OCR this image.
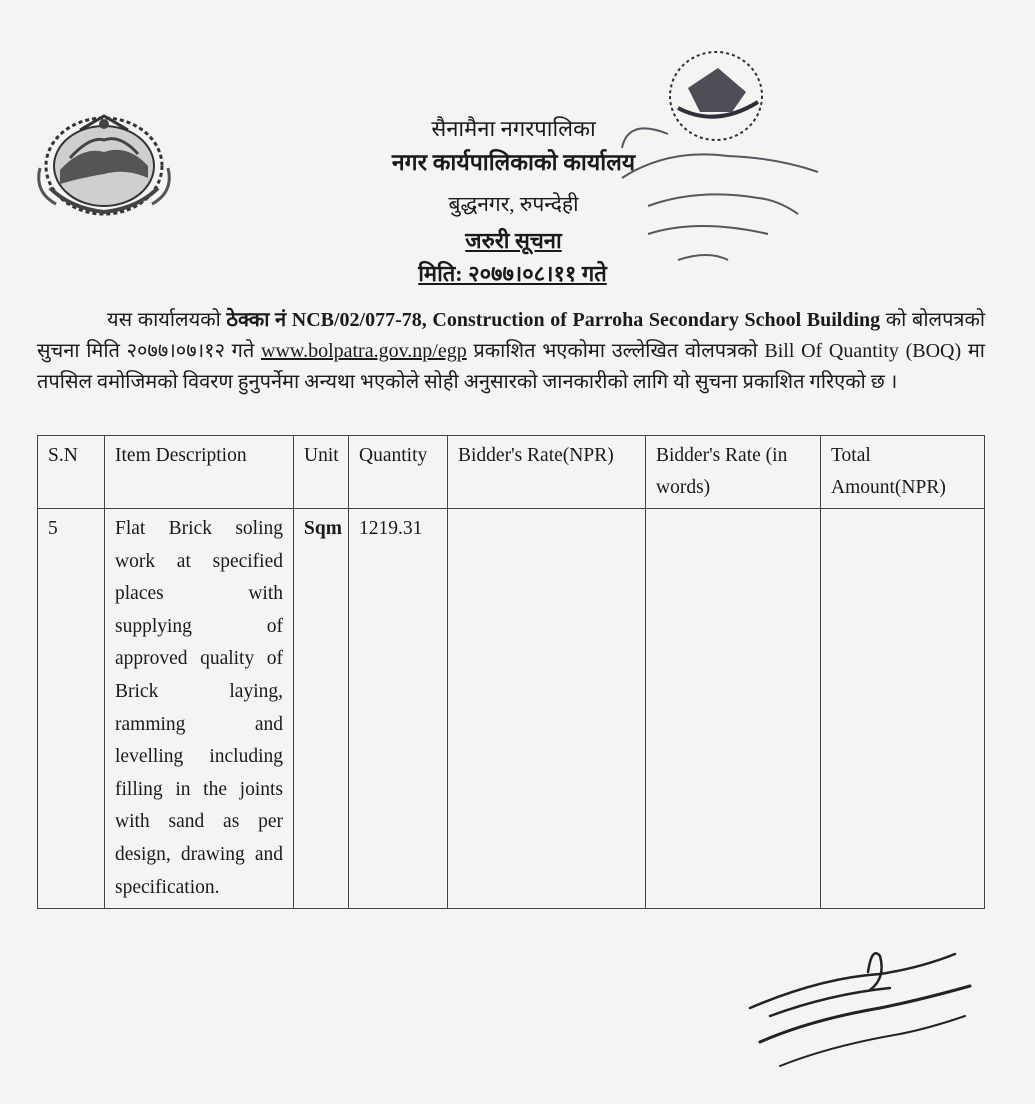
सैनामैना नगरपालिका
नगर कार्यपालिकाको कार्यालय
बुद्धनगर, रुपन्देही
जरुरी सूचना
मिति: २०७७।०८।११ गते
यस कार्यालयको ठेक्का नं NCB/02/077-78, Construction of Parroha Secondary School Building को बोलपत्रको सुचना मिति २०७७।०७।१२ गते www.bolpatra.gov.np/egp प्रकाशित भएकोमा उल्लेखित वोलपत्रको Bill Of Quantity (BOQ) मा तपसिल वमोजिमको विवरण हुनुपर्नेमा अन्यथा भएकोले सोही अनुसारको जानकारीको लागि यो सुचना प्रकाशित गरिएको छ ।
S.N	Item Description	Unit	Quantity	Bidder's Rate(NPR)	Bidder's Rate (in words)	Total Amount(NPR)
5	Flat Brick soling work at specified places with supplying of approved quality of Brick laying, ramming and levelling including filling in the joints with sand as per design, drawing and specification.	Sqm	1219.31			
